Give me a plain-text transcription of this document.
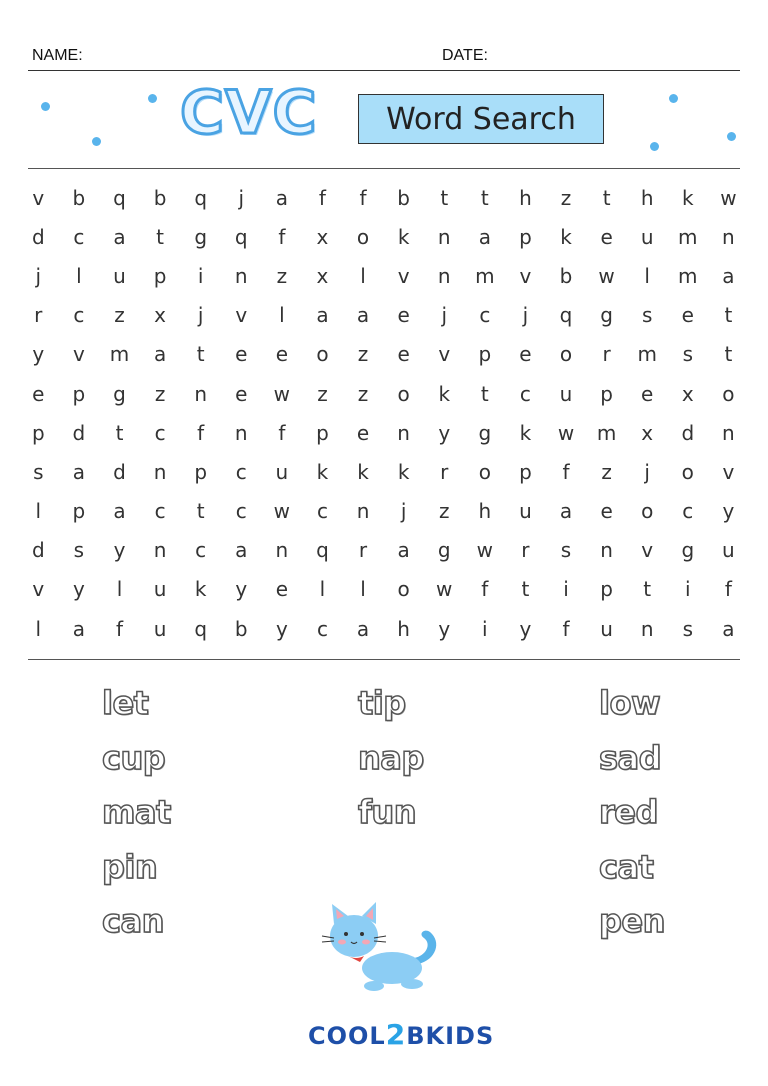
NAME:	DATE:
CVC Word Search
v	b	q	b	q	j	a	f	f	b	t	t	h	z	t	h	k	w
d	c	a	t	g	q	f	x	o	k	n	a	p	k	e	u	m	n
j	l	u	p	i	n	z	x	l	v	n	m	v	b	w	l	m	a
r	c	z	x	j	v	l	a	a	e	j	c	j	q	g	s	e	t
y	v	m	a	t	e	e	o	z	e	v	p	e	o	r	m	s	t
e	p	g	z	n	e	w	z	z	o	k	t	c	u	p	e	x	o
p	d	t	c	f	n	f	p	e	n	y	g	k	w	m	x	d	n
s	a	d	n	p	c	u	k	k	k	r	o	p	f	z	j	o	v
l	p	a	c	t	c	w	c	n	j	z	h	u	a	e	o	c	y
d	s	y	n	c	a	n	q	r	a	g	w	r	s	n	v	g	u
v	y	l	u	k	y	e	l	l	o	w	f	t	i	p	t	i	f
l	a	f	u	q	b	y	c	a	h	y	i	y	f	u	n	s	a
let
cup
mat
pin
can
tip
nap
fun
low
sad
red
cat
pen
COOL2BKIDS
